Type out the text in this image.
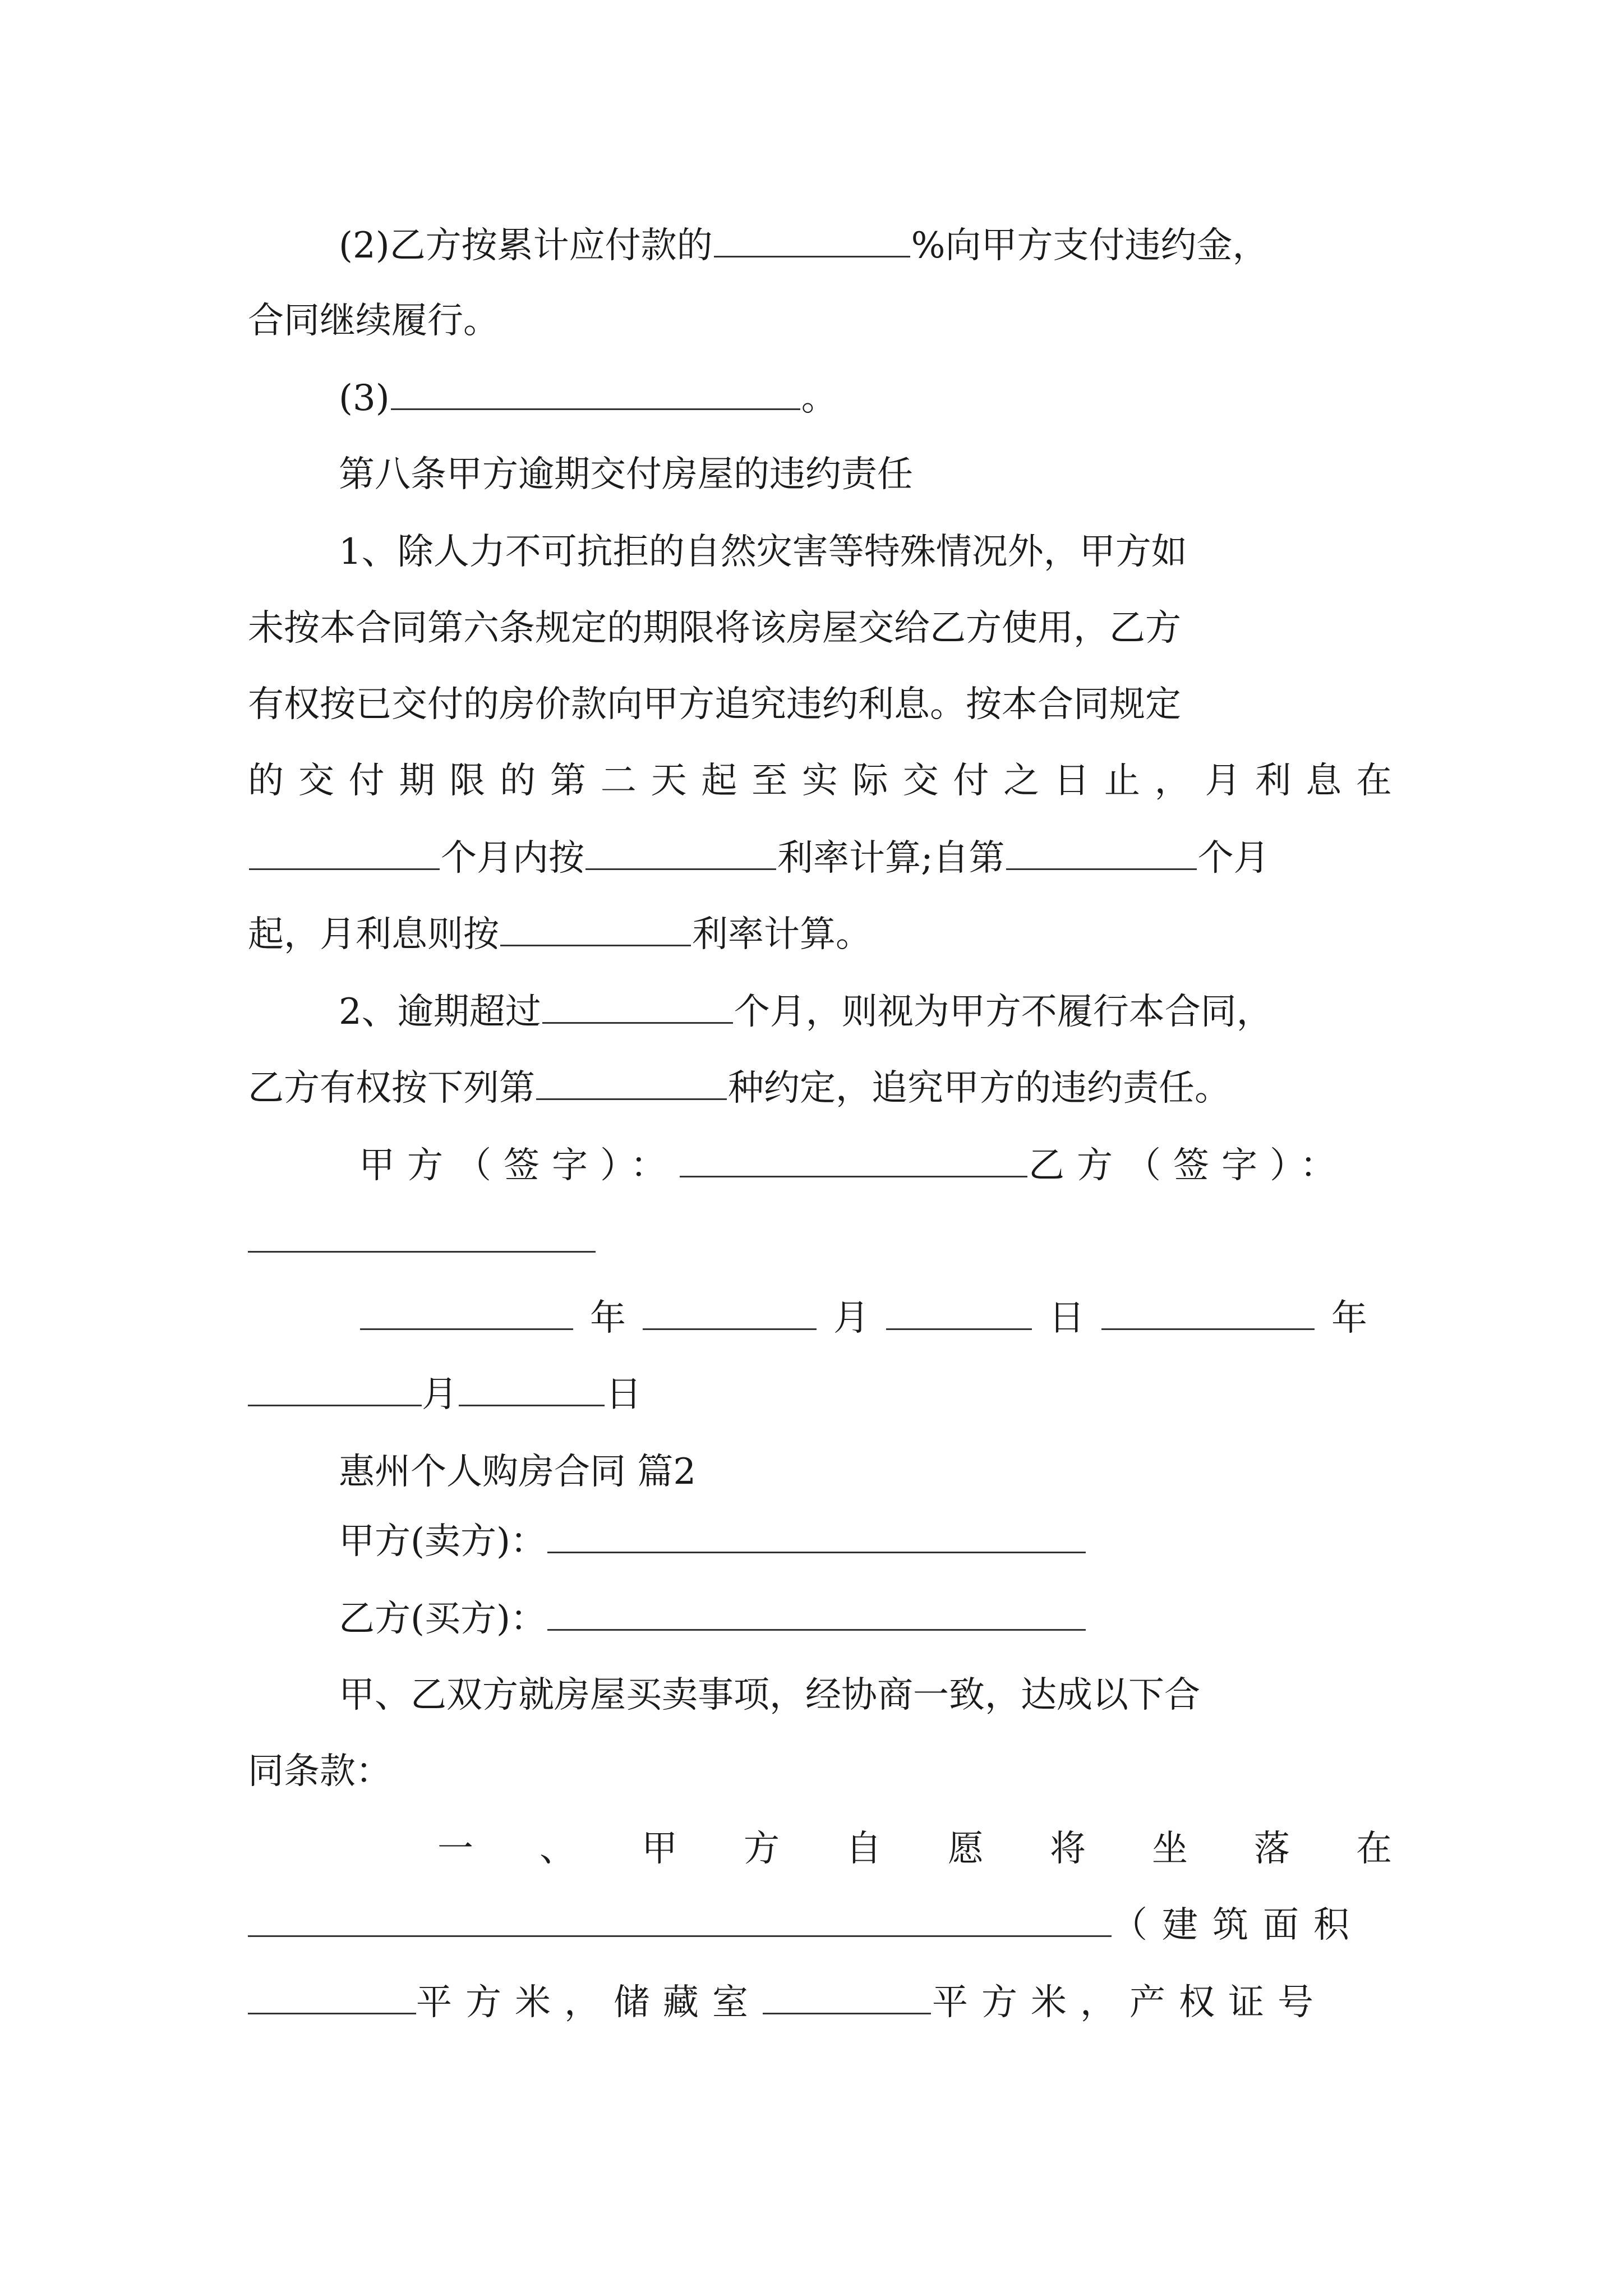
(2)乙方按累计应付款的	%向甲方支付违约金，
合同继续履行。
(3)	。
第八条甲方逾期交付房屋的违约责任
1、除人力不可抗拒的自然灾害等特殊情况外，甲方如
未按本合同第六条规定的期限将该房屋交给乙方使用，乙方
有权按已交付的房价款向甲方追究违约利息。按本合同规定
的 交 付 期 限 的 第 二 天 起 至 实 际 交 付 之 日 止 ， 月 利 息 在
个月内按	利率计算;自第	个月
起，月利息则按	利率计算。
2、逾期超过	个月，则视为甲方不履行本合同，
乙方有权按下列第	种约定，追究甲方的违约责任。
甲方（签字）：	乙方（签字）：
年	月	日	年
月	日
惠州个人购房合同 篇2
甲方(卖方)：
乙方(买方)：
甲、乙双方就房屋买卖事项，经协商一致，达成以下合
同条款：
一 、 甲 方 自 愿 将 坐 落 在
（建筑面积
平方米，储藏室	平方米，产权证号
